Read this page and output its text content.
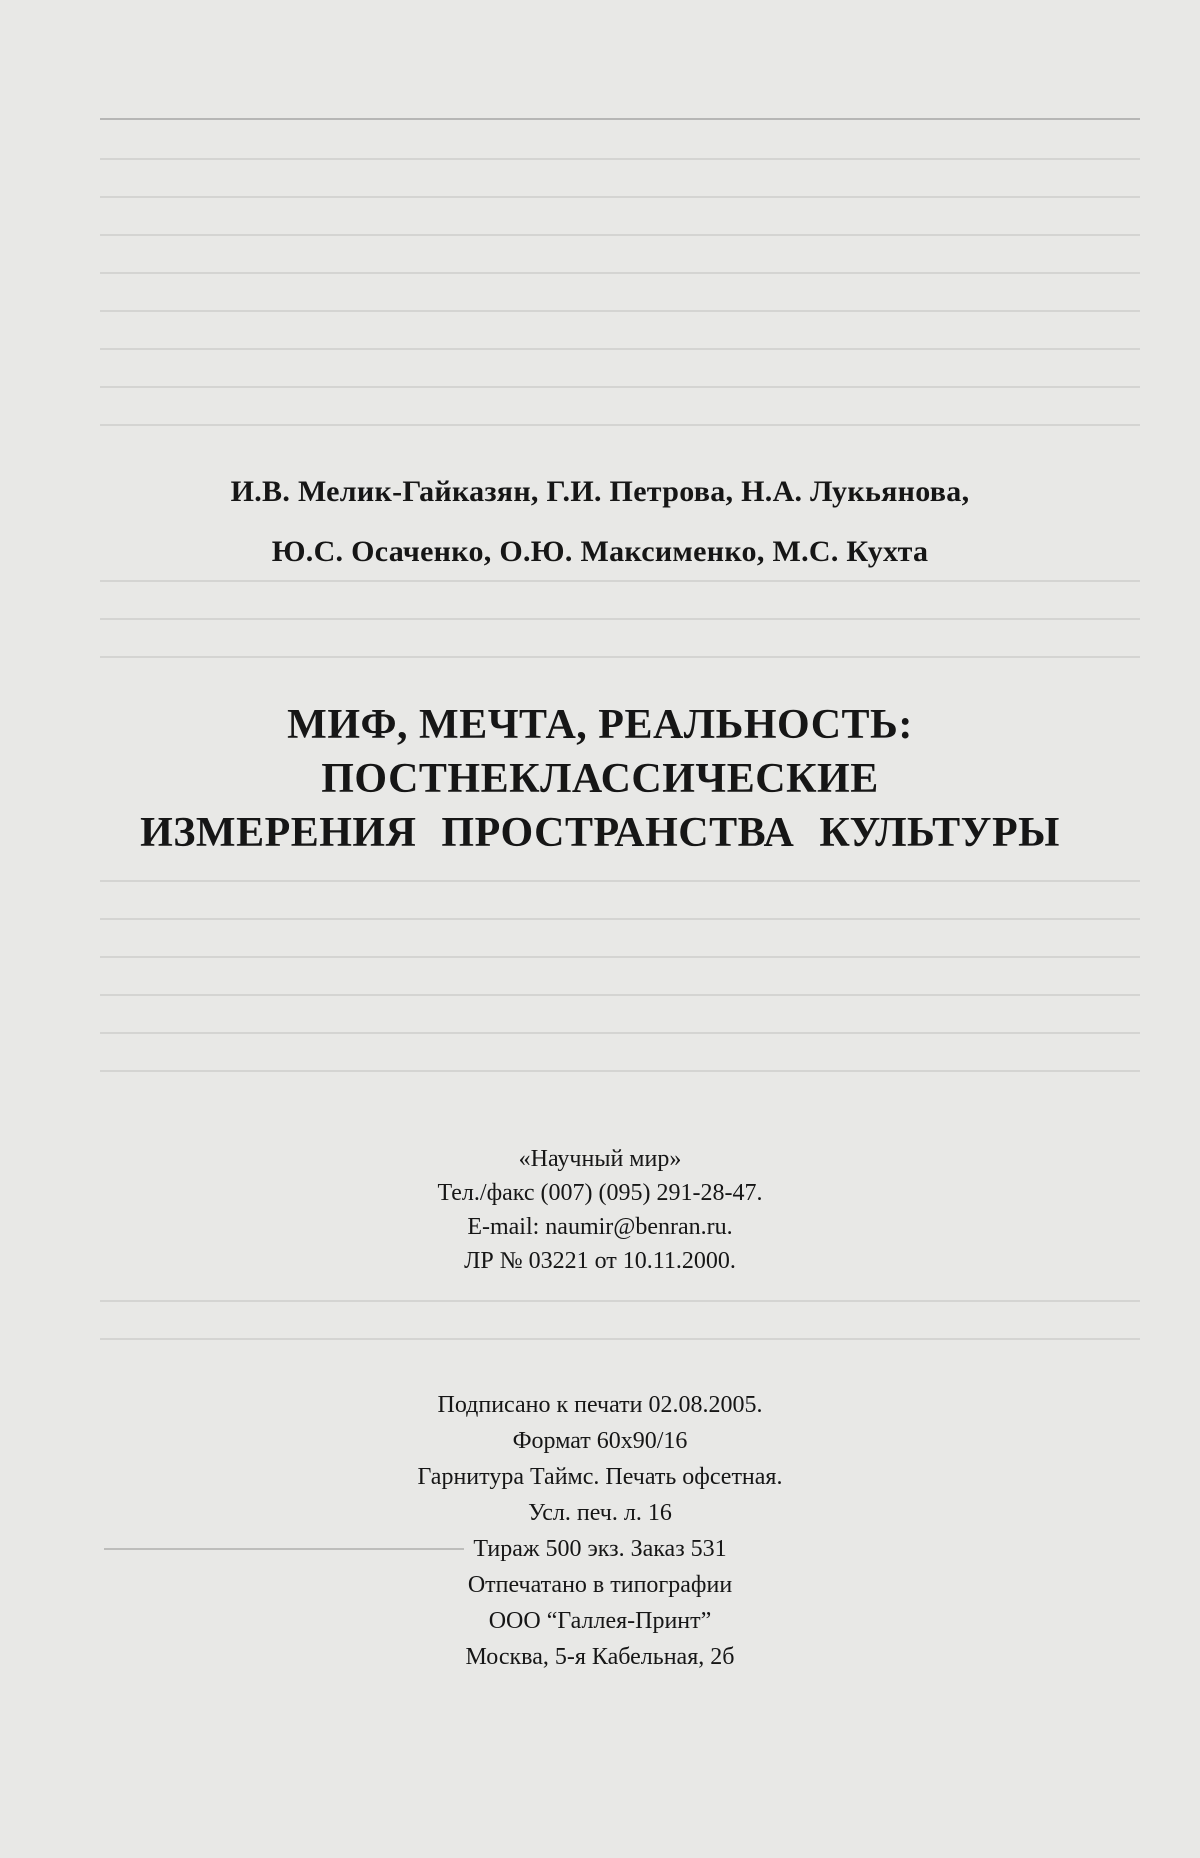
И.В. Мелик-Гайказян, Г.И. Петрова, Н.А. Лукьянова,
Ю.С. Осаченко, О.Ю. Максименко, М.С. Кухта
МИФ, МЕЧТА, РЕАЛЬНОСТЬ:
ПОСТНЕКЛАССИЧЕСКИЕ
ИЗМЕРЕНИЯ ПРОСТРАНСТВА КУЛЬТУРЫ
«Научный мир»
Тел./факс (007) (095) 291-28-47.
E-mail: naumir@benran.ru.
ЛР № 03221 от 10.11.2000.
Подписано к печати 02.08.2005.
Формат 60х90/16
Гарнитура Таймс. Печать офсетная.
Усл. печ. л. 16
Тираж 500 экз. Заказ 531
Отпечатано в типографии
ООО “Галлея-Принт”
Москва, 5-я Кабельная, 2б
